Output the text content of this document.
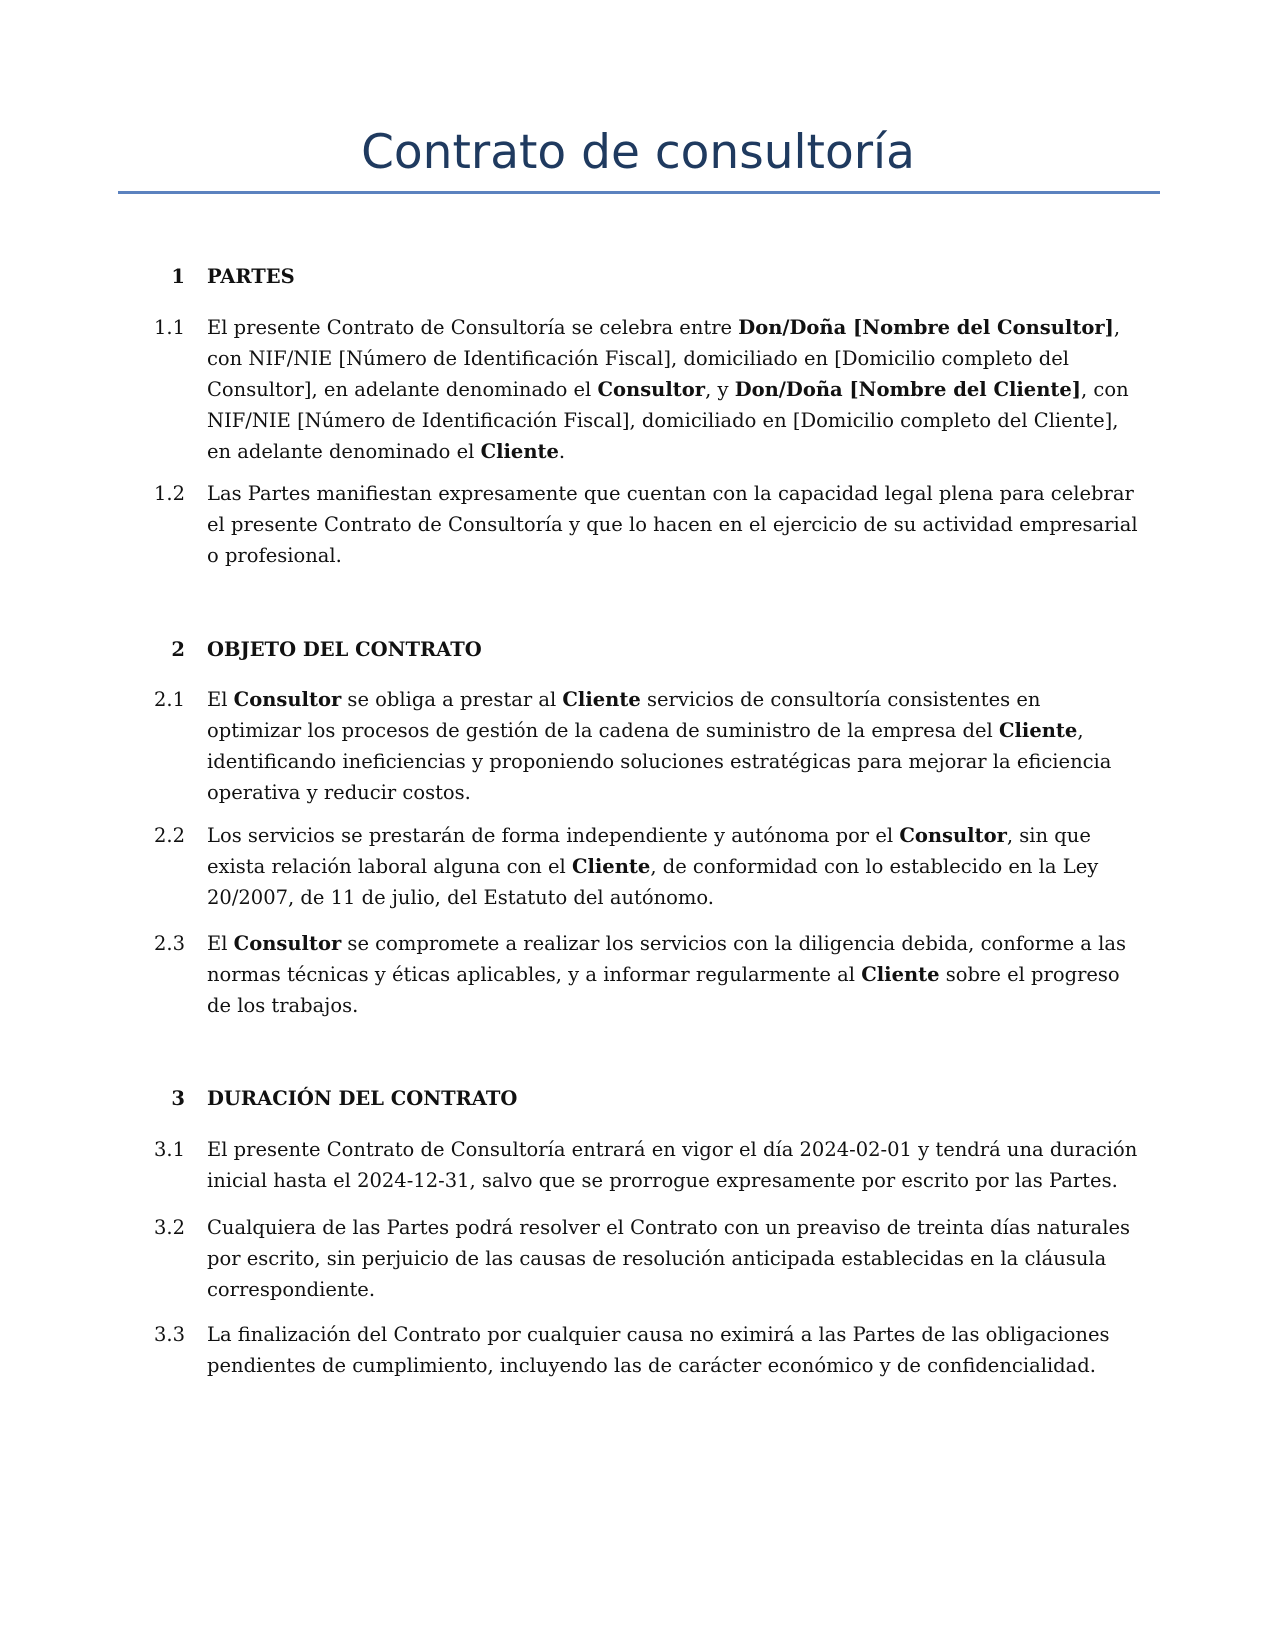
Contrato de consultoría
1 PARTES
1.1 El presente Contrato de Consultoría se celebra entre Don/Doña [Nombre del Consultor], con NIF/NIE [Número de Identificación Fiscal], domiciliado en [Domicilio completo del Consultor], en adelante denominado el Consultor, y Don/Doña [Nombre del Cliente], con NIF/NIE [Número de Identificación Fiscal], domiciliado en [Domicilio completo del Cliente], en adelante denominado el Cliente.
1.2 Las Partes manifiestan expresamente que cuentan con la capacidad legal plena para celebrar el presente Contrato de Consultoría y que lo hacen en el ejercicio de su actividad empresarial o profesional.
2 OBJETO DEL CONTRATO
2.1 El Consultor se obliga a prestar al Cliente servicios de consultoría consistentes en optimizar los procesos de gestión de la cadena de suministro de la empresa del Cliente, identificando ineficiencias y proponiendo soluciones estratégicas para mejorar la eficiencia operativa y reducir costos.
2.2 Los servicios se prestarán de forma independiente y autónoma por el Consultor, sin que exista relación laboral alguna con el Cliente, de conformidad con lo establecido en la Ley 20/2007, de 11 de julio, del Estatuto del autónomo.
2.3 El Consultor se compromete a realizar los servicios con la diligencia debida, conforme a las normas técnicas y éticas aplicables, y a informar regularmente al Cliente sobre el progreso de los trabajos.
3 DURACIÓN DEL CONTRATO
3.1 El presente Contrato de Consultoría entrará en vigor el día 2024-02-01 y tendrá una duración inicial hasta el 2024-12-31, salvo que se prorrogue expresamente por escrito por las Partes.
3.2 Cualquiera de las Partes podrá resolver el Contrato con un preaviso de treinta días naturales por escrito, sin perjuicio de las causas de resolución anticipada establecidas en la cláusula correspondiente.
3.3 La finalización del Contrato por cualquier causa no eximirá a las Partes de las obligaciones pendientes de cumplimiento, incluyendo las de carácter económico y de confidencialidad.
